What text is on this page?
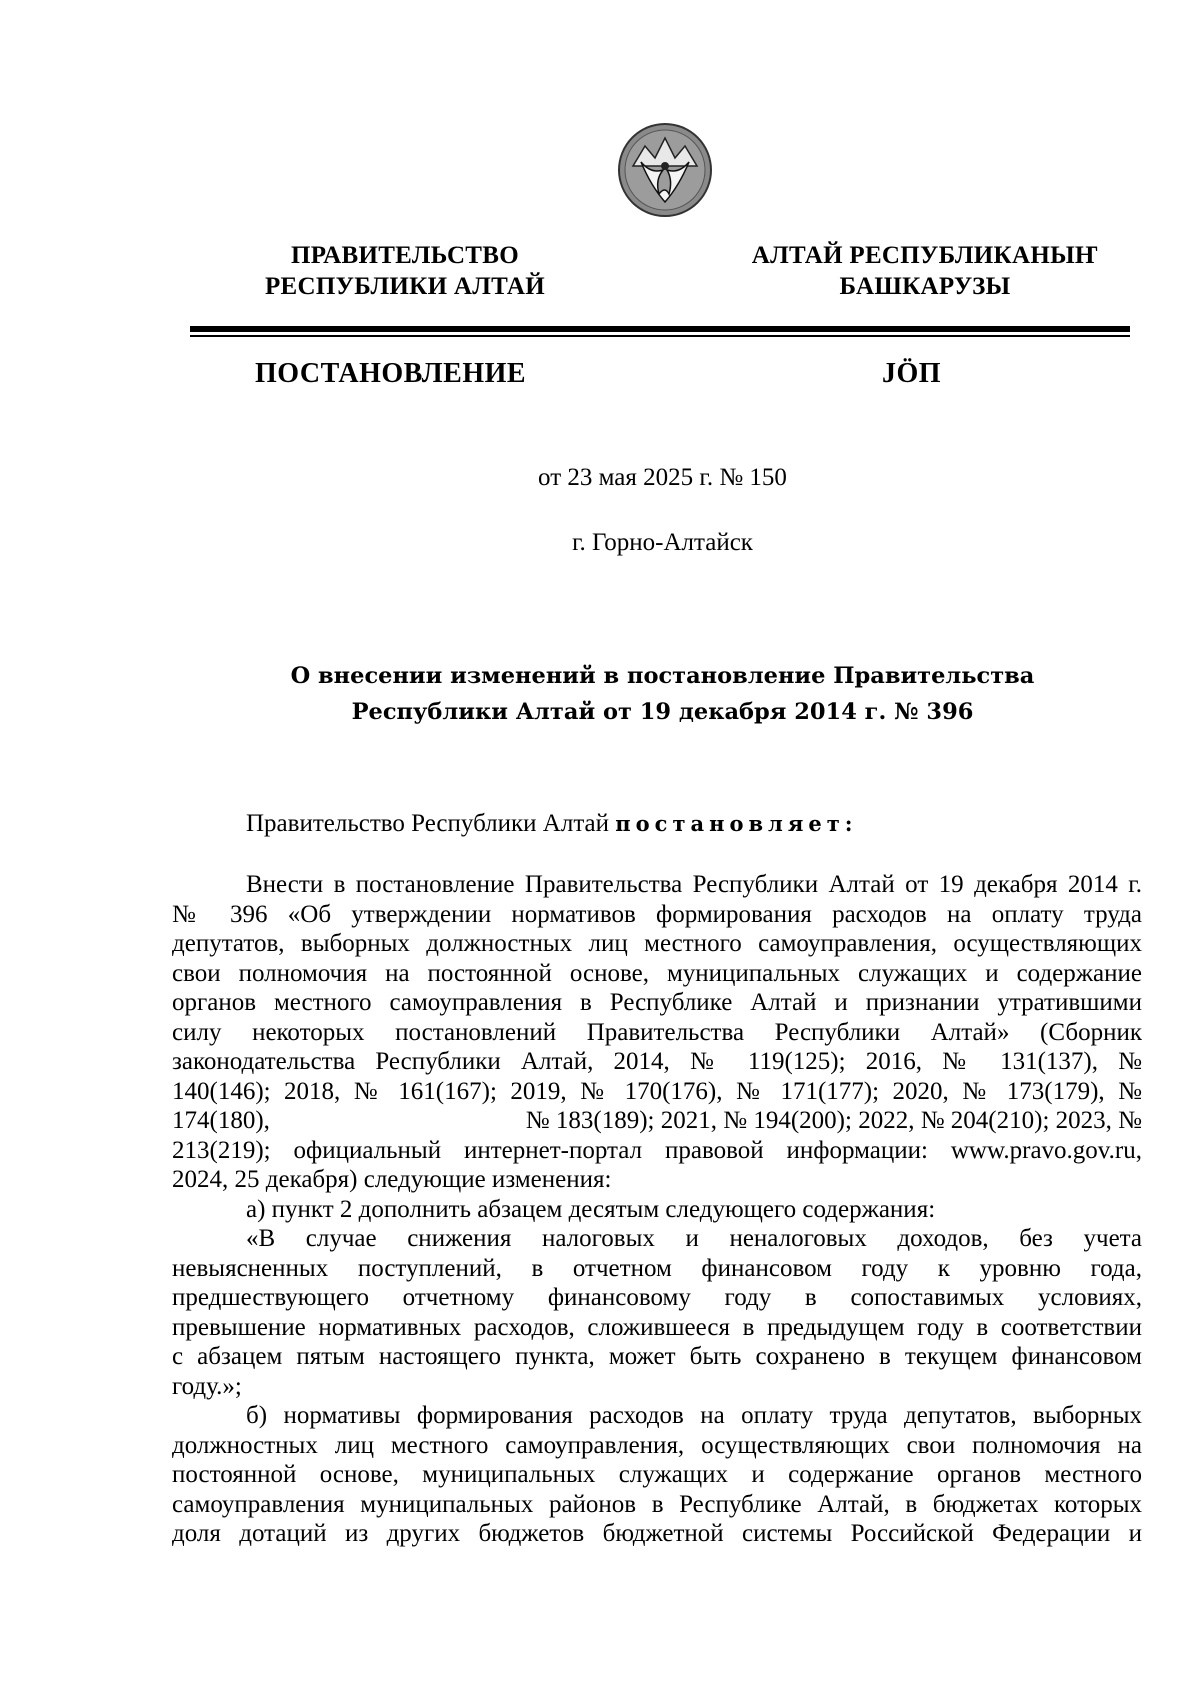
ПРАВИТЕЛЬСТВО
РЕСПУБЛИКИ АЛТАЙ
АЛТАЙ РЕСПУБЛИКАНЫҤ
БАШКАРУЗЫ
ПОСТАНОВЛЕНИЕ	JÖП
от 23 мая 2025 г. № 150
г. Горно-Алтайск
О внесении изменений в постановление Правительства
Республики Алтай от 19 декабря 2014 г. № 396
Правительство Республики Алтай постановляет:
Внести в постановление Правительства Республики Алтай от 19 декабря 2014 г.
№ 396 «Об утверждении нормативов формирования расходов на оплату труда
депутатов, выборных должностных лиц местного самоуправления, осуществляющих
свои полномочия на постоянной основе, муниципальных служащих и содержание
органов местного самоуправления в Республике Алтай и признании утратившими
силу некоторых постановлений Правительства Республики Алтай» (Сборник
законодательства Республики Алтай, 2014, № 119(125); 2016, № 131(137), №
140(146); 2018, № 161(167); 2019, № 170(176), № 171(177); 2020, № 173(179), №
174(180),	№ 183(189); 2021, № 194(200); 2022, № 204(210); 2023, №
213(219); официальный интернет-портал правовой информации: www.pravo.gov.ru,
2024, 25 декабря) следующие изменения:
а) пункт 2 дополнить абзацем десятым следующего содержания:
«В случае снижения налоговых и неналоговых доходов, без учета
невыясненных поступлений, в отчетном финансовом году к уровню года,
предшествующего отчетному финансовому году в сопоставимых условиях,
превышение нормативных расходов, сложившееся в предыдущем году в соответствии
с абзацем пятым настоящего пункта, может быть сохранено в текущем финансовом
году.»;
б) нормативы формирования расходов на оплату труда депутатов, выборных
должностных лиц местного самоуправления, осуществляющих свои полномочия на
постоянной основе, муниципальных служащих и содержание органов местного
самоуправления муниципальных районов в Республике Алтай, в бюджетах которых
доля дотаций из других бюджетов бюджетной системы Российской Федерации и
